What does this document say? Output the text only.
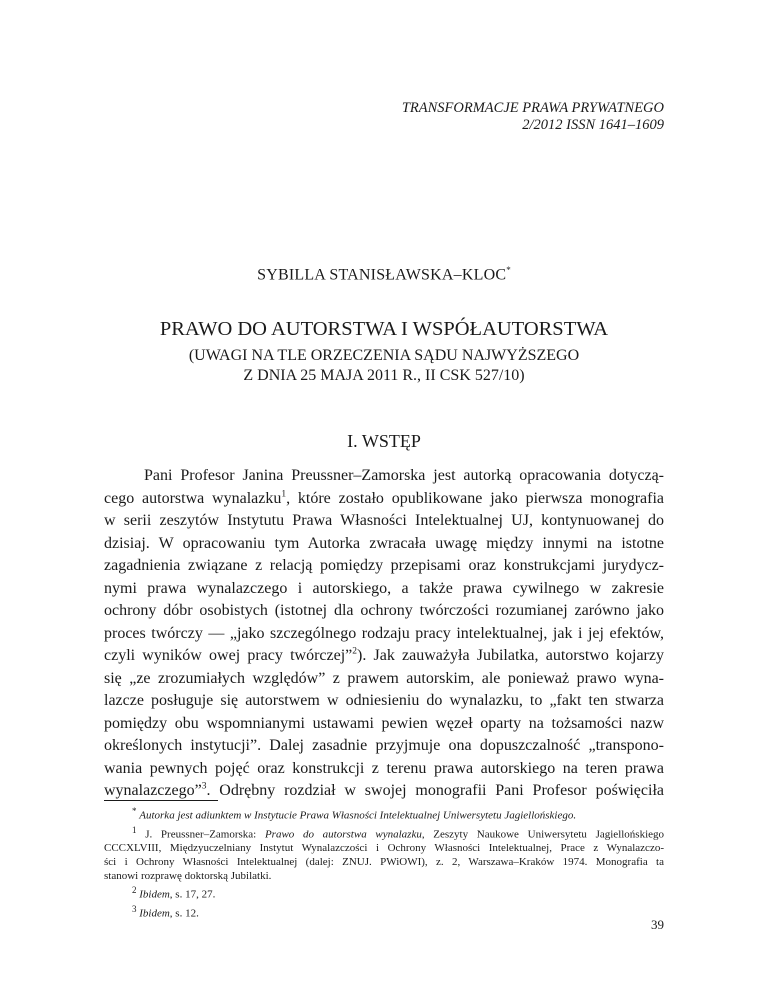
TRANSFORMACJE PRAWA PRYWATNEGO
2/2012 ISSN 1641–1609
SYBILLA STANISŁAWSKA–KLOC*
PRAWO DO AUTORSTWA I WSPÓŁAUTORSTWA
(UWAGI NA TLE ORZECZENIA SĄDU NAJWYŻSZEGO
Z DNIA 25 MAJA 2011 R., II CSK 527/10)
I. WSTĘP
Pani Profesor Janina Preussner–Zamorska jest autorką opracowania dotyczą-
cego autorstwa wynalazku$^1$, które zostało opublikowane jako pierwsza monografia
w serii zeszytów Instytutu Prawa Własności Intelektualnej UJ, kontynuowanej do
dzisiaj. W opracowaniu tym Autorka zwracała uwagę między innymi na istotne
zagadnienia związane z relacją pomiędzy przepisami oraz konstrukcjami jurydycz-
nymi prawa wynalazczego i autorskiego, a także prawa cywilnego w zakresie
ochrony dóbr osobistych (istotnej dla ochrony twórczości rozumianej zarówno jako
proces twórczy — „jako szczególnego rodzaju pracy intelektualnej, jak i jej efektów,
czyli wyników owej pracy twórczej”$^2$). Jak zauważyła Jubilatka, autorstwo kojarzy
się „ze zrozumiałych względów” z prawem autorskim, ale ponieważ prawo wyna-
lazcze posługuje się autorstwem w odniesieniu do wynalazku, to „fakt ten stwarza
pomiędzy obu wspomnianymi ustawami pewien węzeł oparty na tożsamości nazw
określonych instytucji”. Dalej zasadnie przyjmuje ona dopuszczalność „transpono-
wania pewnych pojęć oraz konstrukcji z terenu prawa autorskiego na teren prawa
wynalazczego”$^3$. Odrębny rozdział w swojej monografii Pani Profesor poświęciła
* Autorka jest adiunktem w Instytucie Prawa Własności Intelektualnej Uniwersytetu Jagiellońskiego.
$^1$ J. Preussner–Zamorska: Prawo do autorstwa wynalazku, Zeszyty Naukowe Uniwersytetu Jagiellońskiego
CCCXLVIII, Międzyuczelniany Instytut Wynalazczości i Ochrony Własności Intelektualnej, Prace z Wynalazczo-
ści i Ochrony Własności Intelektualnej (dalej: ZNUJ. PWiOWI), z. 2, Warszawa–Kraków 1974. Monografia ta
stanowi rozprawę doktorską Jubilatki.
$^2$ Ibidem, s. 17, 27.
$^3$ Ibidem, s. 12.
39
